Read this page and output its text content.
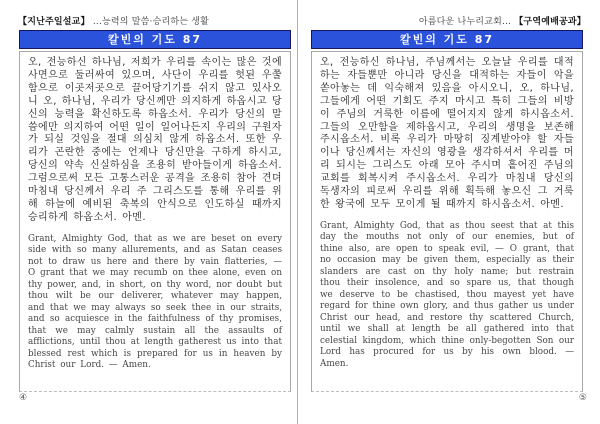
【지난주일설교】 ...능력의 말씀·승리하는 생활	아름다운 나누리교회... 【구역예배공과】
칼빈의 기도 87
오, 전능하신 하나님, 저희가 우리를 속이는 많은 것에 사면으로 둘러싸여 있으며, 사단이 우리를 헛된 우쭐함으로 이곳저곳으로 끌어당기기를 쉬지 않고 있사오니 오, 하나님, 우리가 당신께만 의지하게 하옵시고 당신의 능력을 확신하도록 하옵소서. 우리가 당신의 말씀에만 의지하여 어떤 일이 일어나든지 우리의 구원자가 되실 것임을 절대 의심치 않게 하옵소서. 또한 우리가 곤란한 중에는 언제나 당신만을 구하게 하시고, 당신의 약속 신실하심을 조용히 받아들이게 하옵소서. 그럼으로써 모든 고통스러운 공격을 조용히 참아 견뎌 마침내 당신께서 우리 주 그리스도를 통해 우리를 위해 하늘에 예비된 축복의 안식으로 인도하실 때까지 승리하게 하옵소서. 아멘.
Grant, Almighty God, that as we are beset on every side with so many allurements, and as Satan ceases not to draw us here and there by vain flatteries, — O grant that we may recumb on thee alone, even on thy power, and, in short, on thy word, nor doubt but thou wilt be our deliverer, whatever may happen, and that we may always so seek thee in our straits, and so acquiesce in the faithfulness of thy promises, that we may calmly sustain all the assaults of afflictions, until thou at length gatherest us into that blessed rest which is prepared for us in heaven by Christ our Lord. — Amen.
칼빈의 기도 87
오, 전능하신 하나님, 주님께서는 오늘날 우리를 대적하는 자들뿐만 아니라 당신을 대적하는 자들이 악을 쏟아놓는 데 익숙해져 있음을 아시오니, 오, 하나님, 그들에게 어떤 기회도 주지 마시고 특히 그들의 비방이 주님의 거룩한 이름에 떨어지지 않게 하시옵소서. 그들의 오만함을 제하옵시고, 우리의 생명을 보존해 주시옵소서. 비록 우리가 마땅히 징계받아야 할 자들이나 당신께서는 자신의 영광을 생각하셔서 우리를 머리 되시는 그리스도 아래 모아 주시며 흩어진 주님의 교회를 회복시켜 주시옵소서. 우리가 마침내 당신의 독생자의 피로써 우리를 위해 획득해 놓으신 그 거룩한 왕국에 모두 모이게 될 때까지 하시옵소서. 아멘.
Grant, Almighty God, that as thou seest that at this day the mouths not only of our enemies, but of thine also, are open to speak evil, — O grant, that no occasion may be given them, especially as their slanders are cast on thy holy name; but restrain thou their insolence, and so spare us, that though we deserve to be chastised, thou mayest yet have regard for thine own glory, and thus gather us under Christ our head, and restore thy scattered Church, until we shall at length be all gathered into that celestial kingdom, which thine only-begotten Son our Lord has procured for us by his own blood. — Amen.
④	⑤
